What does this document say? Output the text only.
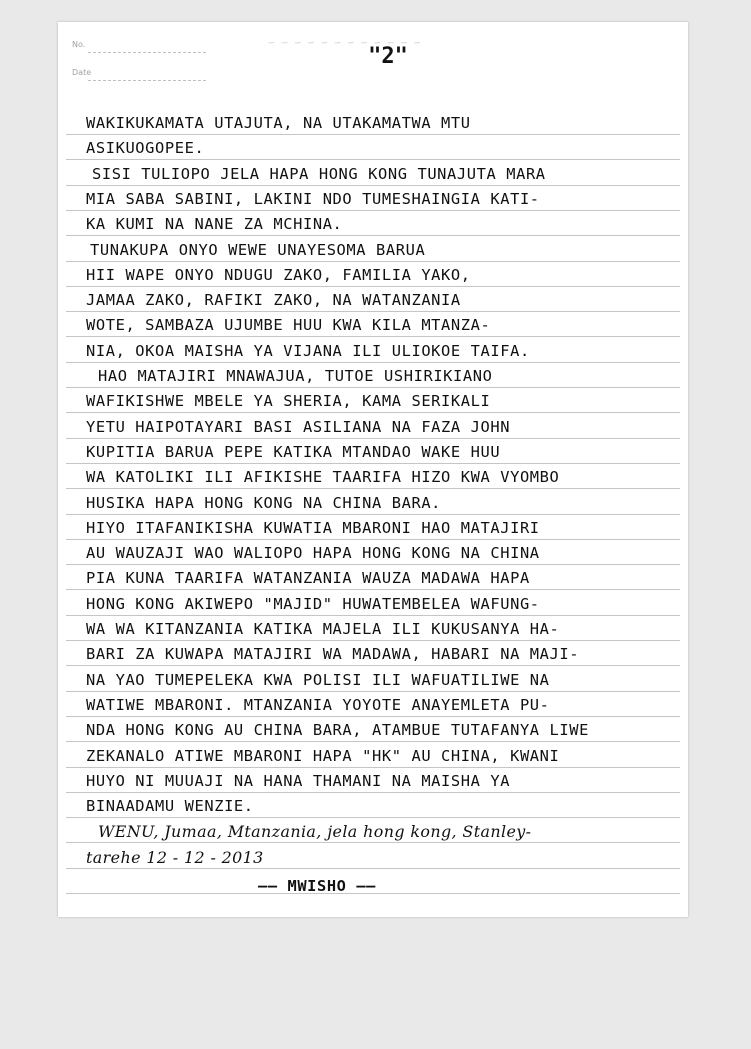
No.
Date
"2"
~ ~ ~ ~ ~ ~ ~ ~ ~ ~ ~ ~
WAKIKUKAMATA UTAJUTA, NA UTAKAMATWA MTU
ASIKUOGOPEE.
SISI TULIOPO JELA HAPA HONG KONG TUNAJUTA MARA
MIA SABA SABINI, LAKINI NDO TUMESHAINGIA KATI-
KA KUMI NA NANE ZA MCHINA.
TUNAKUPA ONYO WEWE UNAYESOMA BARUA
HII WAPE ONYO NDUGU ZAKO, FAMILIA YAKO,
JAMAA ZAKO, RAFIKI ZAKO, NA WATANZANIA
WOTE, SAMBAZA UJUMBE HUU KWA KILA MTANZA-
NIA, OKOA MAISHA YA VIJANA ILI ULIOKOE TAIFA.
HAO MATAJIRI MNAWAJUA, TUTOE USHIRIKIANO
WAFIKISHWE MBELE YA SHERIA, KAMA SERIKALI
YETU HAIPOTAYARI BASI ASILIANA NA FAZA JOHN
KUPITIA BARUA PEPE KATIKA MTANDAO WAKE HUU
WA KATOLIKI ILI AFIKISHE TAARIFA HIZO KWA VYOMBO
HUSIKA HAPA HONG KONG NA CHINA BARA.
HIYO ITAFANIKISHA KUWATIA MBARONI HAO MATAJIRI
AU WAUZAJI WAO WALIOPO HAPA HONG KONG NA CHINA
PIA KUNA TAARIFA WATANZANIA WAUZA MADAWA HAPA
HONG KONG AKIWEPO "MAJID" HUWATEMBELEA WAFUNG-
WA WA KITANZANIA KATIKA MAJELA ILI KUKUSANYA HA-
BARI ZA KUWAPA MATAJIRI WA MADAWA, HABARI NA MAJI-
NA YAO TUMEPELEKA KWA POLISI ILI WAFUATILIWE NA
WATIWE MBARONI. MTANZANIA YOYOTE ANAYEMLETA PU-
NDA HONG KONG AU CHINA BARA, ATAMBUE TUTAFANYA LIWE
ZEKANALO ATIWE MBARONI HAPA "HK" AU CHINA, KWANI
HUYO NI MUUAJI NA HANA THAMANI NA MAISHA YA
BINAADAMU WENZIE.
WENU, Jumaa, Mtanzania, jela hong kong, Stanley-
tarehe 12 - 12 - 2013
—— MWISHO ——
